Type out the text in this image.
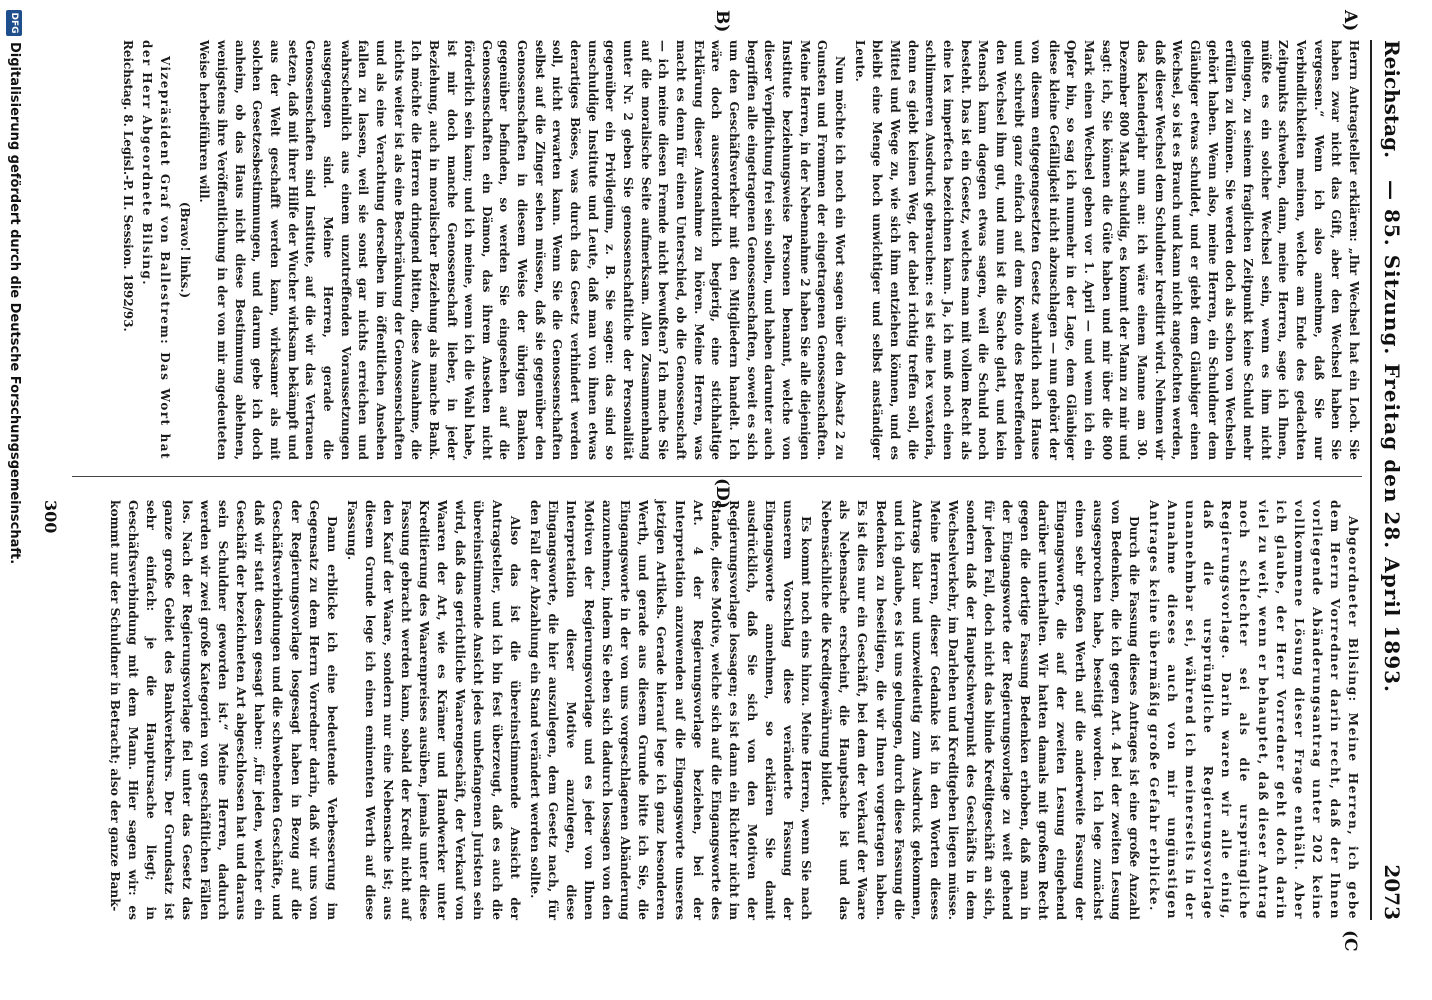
Reichstag.
— 85. Sitzung. Freitag den 28. April 1893.
2073
A)
B)
(C
(D)

Herrn Antragsteller erklären: „Ihr Wechsel hat ein Loch. Sie haben zwar nicht das Gift, aber den Wechsel haben Sie vergessen.“ Wenn ich also annehme, daß Sie nur Verbindlichkeiten meinen, welche am Ende des gedachten Zeitpunkts schweben, dann, meine Herren, sage ich Ihnen, müßte es ein solcher Wechsel sein, wenn es ihm nicht gelingen, zu seinem fraglichen Zeitpunkt keine Schuld mehr erfüllen zu können. Sie werden doch als schon von Wechseln gehört haben. Wenn also, meine Herren, ein Schuldner dem Gläubiger etwas schuldet, und er giebt dem Gläubiger einen Wechsel, so ist es Brauch und kann nicht angefochten werden, daß dieser Wechsel dem Schuldner kreditirt wird. Nehmen wir das Kalenderjahr nun an: ich wäre einem Manne am 30. Dezember 800 Mark schuldig, es kommt der Mann zu mir und sagt: ich, Sie können die Güte haben und mir über die 800 Mark einen Wechsel geben vor 1. April — und wenn ich ein Opfer bin, so sag ich nunmehr in der Lage, dem Gläubiger diese kleine Gefälligkeit nicht abzuschlagen — nun gehört der von diesem entgegengesetzten Gesetz wahrlich nach Hause und schreibt ganz einfach auf dem Konto des Betreffenden den Wechsel ihm gut, und nun ist die Sache glatt, und kein Mensch kann dagegen etwas sagen, weil die Schuld noch besteht. Das ist ein Gesetz, welches man mit vollem Recht als eine lex imperfecta bezeichnen kann. Ja, ich muß noch einen schlimmeren Ausdruck gebrauchen: es ist eine lex vexatoria, denn es giebt keinen Weg, der dabei richtig treffen soll, die Mittel und Wege zu, wie sich ihm entziehen können, und es bleibt eine Menge hoch unwichtiger und selbst anständiger Leute.

Nun möchte ich noch ein Wort sagen über den Absatz 2 zu Gunsten und Frommen der eingetragenen Genossenschaften. Meine Herren, in der Nebennahme 2 haben Sie alle diejenigen Institute beziehungsweise Personen benannt, welche von dieser Verpflichtung frei sein sollen, und haben darunter auch begriffen alle eingetragenen Genossenschaften, soweit es sich um den Geschäftsverkehr mit den Mitgliedern handelt. Ich wäre doch ausserordentlich begierig, eine stichhaltige Erklärung dieser Ausnahme zu hören. Meine Herren, was macht es denn für einen Unterschied, ob die Genossenschaft — ich meine diesen Fremde nicht bewußten? Ich mache Sie auf die moralische Seite aufmerksam. Allen Zusammenhang unter Nr. 2 geben Sie genossenschaftliche der Personalität gegenüber ein Privilegium, z. B. Sie sagen: das sind so unschuldige Institute und Leute, daß man von ihnen etwas derartiges Böses, was durch das Gesetz verhindert werden soll, nicht erwarten kann. Wenn Sie die Genossenschaften selbst auf die Zinger sehen müssen, daß sie gegenüber den Genossenschaften in diesem Weise der übrigen Banken gegenüber befinden, so werden Sie eingesehen auf die Genossenschaften ein Dämon, das ihrem Ansehen nicht förderlich sein kann; und ich meine, wenn ich die Wahl habe, ist mir doch manche Genossenschaft lieber, in jeder Beziehung, auch in moralischer Beziehung als manche Bank. Ich möchte die Herren dringend bitten, diese Ausnahme, die nichts weiter ist als eine Beschränkung der Genossenschaften und als eine Verachtung derselben im öffentlichen Ansehen fallen zu lassen, weil sie sonst gar nichts erreichen und wahrscheinlich aus einem unzutreffenden Voraussetzungen ausgegangen sind. Meine Herren, gerade die Genossenschaften sind Institute, auf die wir das Vertrauen setzen, daß mit ihrer Hilfe der Wucher wirksam bekämpft und aus der Welt geschafft werden kann, wirksamer als mit solchen Gesetzesbestimmungen, und darum gebe ich doch anheim, ob das Haus nicht diese Bestimmung ablehnen, wenigstens ihre Veröffentlichung in der von mir angedeuteten Weise herbeiführen will.

(Bravo! links.)

Vizepräsident Graf von Ballestrem: Das Wort hat der Herr Abgeordnete Bilsing.

Reichstag. 8. Legisl.-P. II. Session. 1892/93.

Abgeordneter Bilsing: Meine Herren, ich gebe dem Herrn Vorredner darin recht, daß der Ihnen vorliegende Abänderungsantrag unter 202 keine vollkommene Lösung dieser Frage enthält. Aber ich glaube, der Herr Vorredner geht doch darin viel zu weit, wenn er behauptet, daß dieser Antrag noch schlechter sei als die ursprüngliche Regierungsvorlage. Darin waren wir alle einig, daß die ursprüngliche Regierungsvorlage unannehmbar sei, während ich meinerseits in der Annahme dieses auch von mir ungünstigen Antrages keine übermäßig große Gefahr erblicke.

Durch die Fassung dieses Antrages ist eine große Anzahl von Bedenken, die ich gegen Art. 4 bei der zweiten Lesung ausgesprochen habe, beseitigt worden. Ich lege zunächst einen sehr großen Werth auf die anderweite Fassung der Eingangsworte, die auf der zweiten Lesung eingehend darüber unterhalten. Wir hatten damals mit großem Recht gegen die dortige Fassung Bedenken erhoben, daß man in der Eingangsworte der Regierungsvorlage zu weit gehend für jeden Fall, doch nicht das blinde Kreditgeschäft an sich, sondern daß der Hauptschwerpunkt des Geschäfts in dem Wechselverkehr, im Darlehen und Kreditgeben liegen müsse. Meine Herren, dieser Gedanke ist in den Worten dieses Antrags klar und unzweideutig zum Ausdruck gekommen, und ich glaube, es ist uns gelungen, durch diese Fassung die Bedenken zu beseitigen, die wir Ihnen vorgetragen haben. Es ist dies nur ein Geschäft, bei dem der Verkauf der Waare als Nebensache erscheint, die Hauptsache ist und das Nebensächliche die Kreditgewährung bildet.

Es kommt noch eins hinzu. Meine Herren, wenn Sie nach unserem Vorschlag diese veränderte Fassung der Eingangsworte annehmen, so erklären Sie damit ausdrücklich, daß Sie sich von den Motiven der Regierungsvorlage lossagen; es ist dann ein Richter nicht im Stande, diese Motive, welche sich auf die Eingangsworte des Art. 4 der Regierungsvorlage beziehen, bei der Interpretation anzuwenden auf die Eingangsworte unseres jetzigen Artikels. Gerade hierauf lege ich ganz besonderen Werth, und gerade aus diesem Grunde bitte ich Sie, die Eingangsworte in der von uns vorgeschlagenen Abänderung anzunehmen, indem Sie eben sich dadurch lossagen von den Motiven der Regierungsvorlage und es jeder von Ihnen Interpretation dieser Motive anzulegen, diese Eingangsworte, die hier auszulegen, dem Gesetz nach, für den Fall der Abzahlung ein Stand verändert werden sollte.

Also das ist die übereinstimmende Ansicht der Antragsteller, und ich bin fest überzeugt, daß es auch die übereinstimmende Ansicht jedes unbefangenen Juristen sein wird, daß das gerichtliche Waarengeschäft, der Verkauf von Waaren der Art, wie es Krämer und Handwerker unter Kreditierung des Waarenpreises ausüben, jemals unter diese Fassung gebracht werden kann, sobald der Kredit nicht auf den Kauf der Waare, sondern nur eine Nebensache ist; aus diesem Grunde lege ich einen eminenten Werth auf diese Fassung.

Dann erblicke ich eine bedeutende Verbesserung im Gegensatz zu dem Herrn Vorredner darin, daß wir uns von der Regierungsvorlage losgesagt haben in Bezug auf die Geschäftsverbindungen und die schwebenden Geschäfte, und daß wir statt dessen gesagt haben: „für jeden, welcher ein Geschäft der bezeichneten Art abgeschlossen hat und daraus sein Schuldner geworden ist.“ Meine Herren, dadurch werden wir zwei große Kategorien von geschäftlichen Fällen los. Nach der Regierungsvorlage fiel unter das Gesetz das ganze große Gebiet des Bankverkehrs. Der Grundsatz ist sehr einfach: je die Hauptursache liegt; in Geschäftsverbindung mit dem Mann. Hier sagen wir: es kommt nur der Schuldner in Betracht; also der ganze Bank-

300
DFG
Digitalisierung gefördert durch die Deutsche Forschungsgemeinschaft.
